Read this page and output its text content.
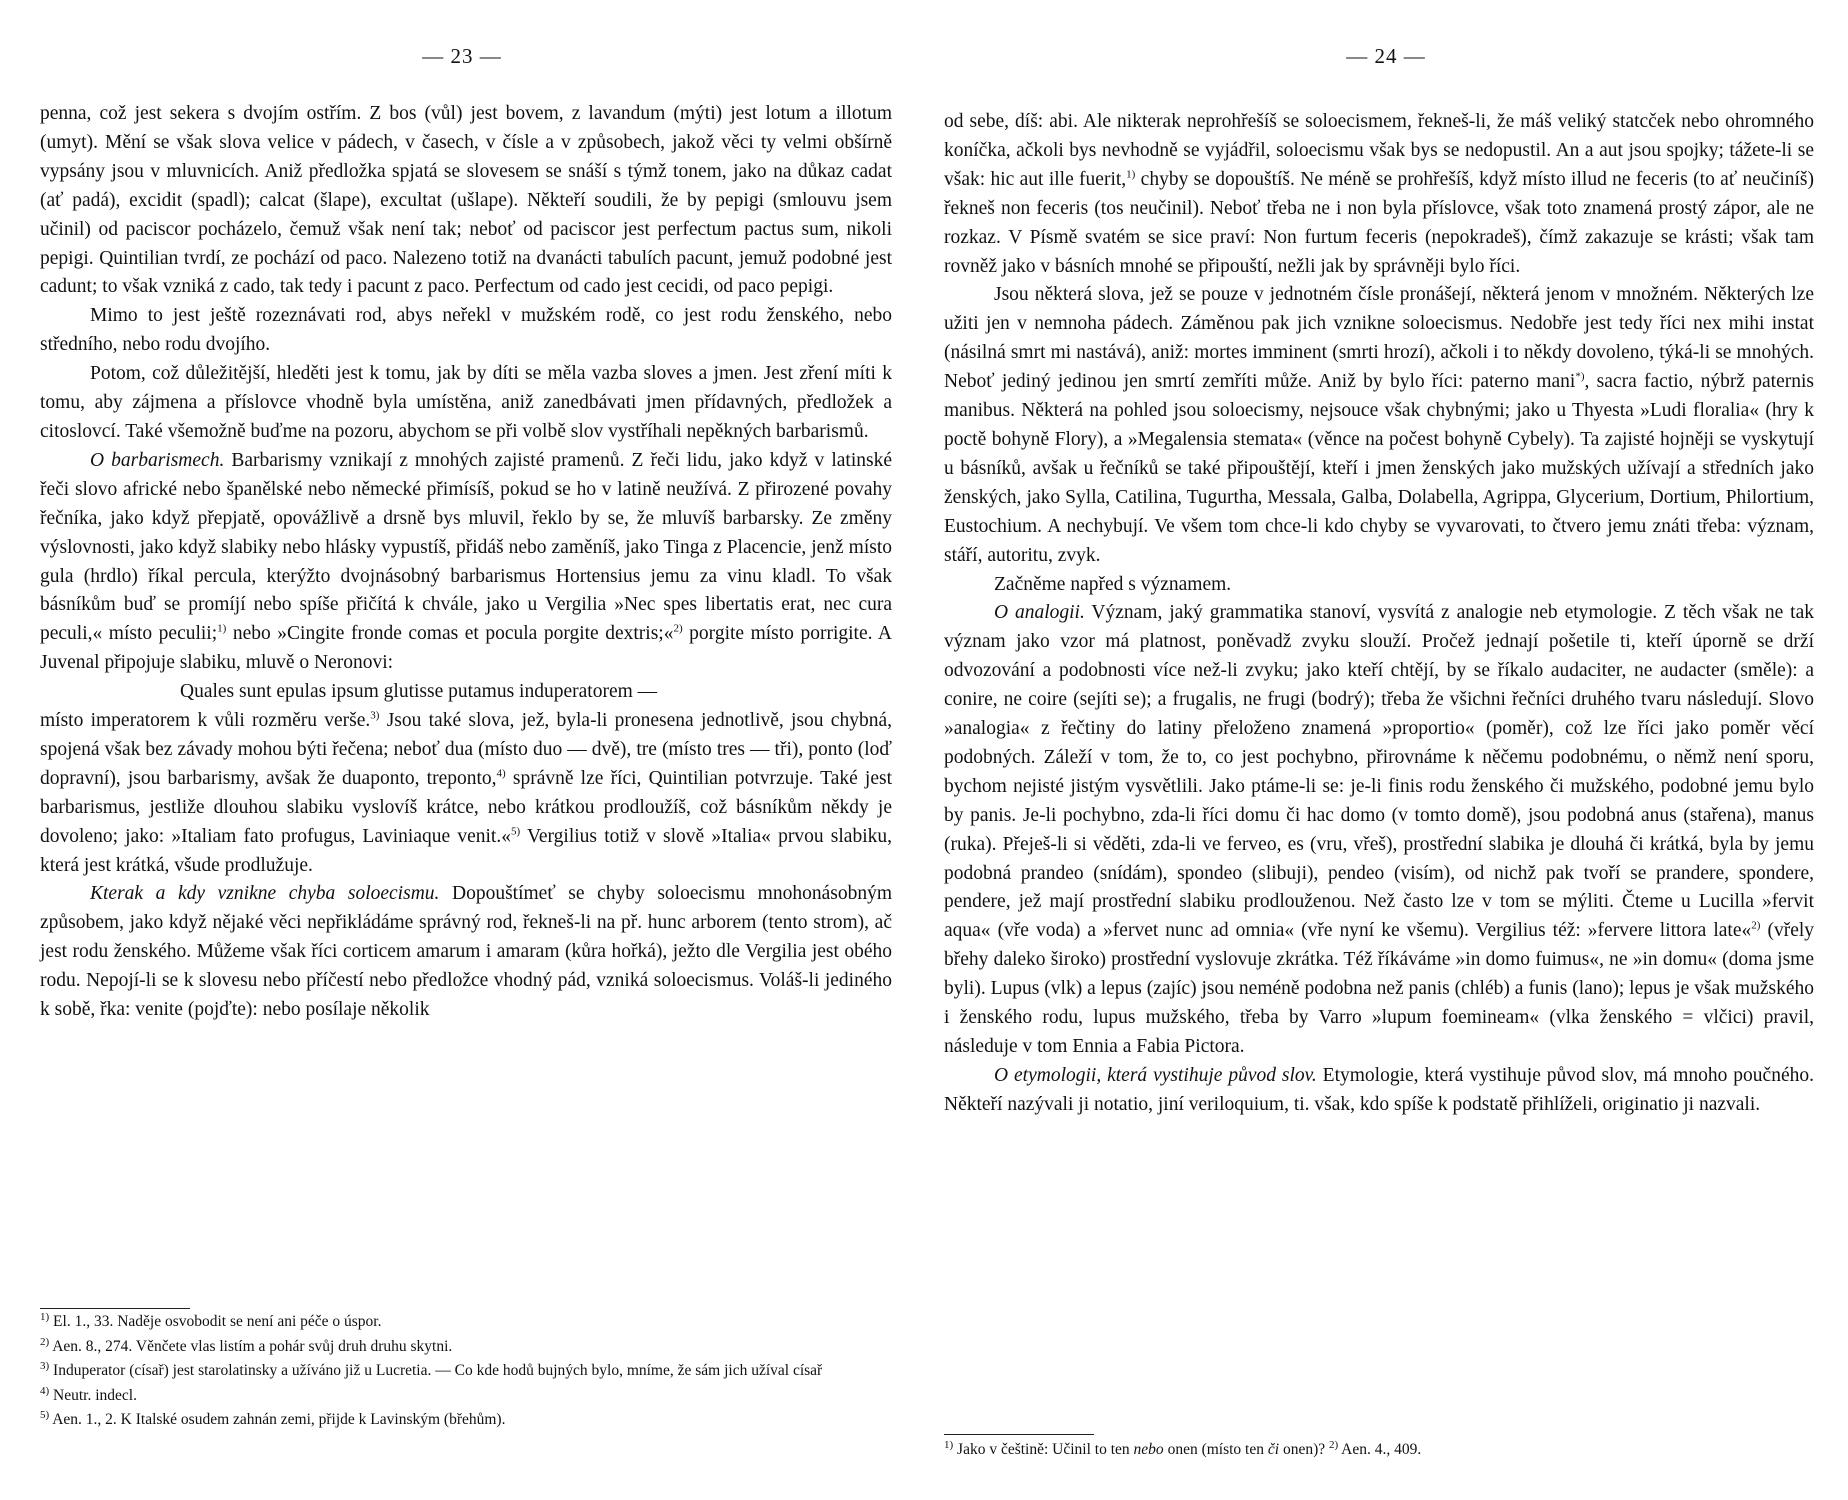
— 23 —

penna, což jest sekera s dvojím ostřím. Z bos (vůl) jest bovem, z lavandum (mýti) jest lotum a illotum (umyt). Mění se však slova velice v pádech, v časech, v čísle a v způsobech, jakož věci ty velmi obšírně vypsány jsou v mluvnicích. Aniž předložka spjatá se slovesem se snáší s týmž tonem, jako na důkaz cadat (ať padá), excidit (spadl); calcat (šlape), excultat (ušlape). Někteří soudili, že by pepigi (smlouvu jsem učinil) od paciscor pocházelo, čemuž však není tak; neboť od paciscor jest perfectum pactus sum, nikoli pepigi. Quintilian tvrdí, ze pochází od paco. Nalezeno totiž na dvanácti tabulích pacunt, jemuž podobné jest cadunt; to však vzniká z cado, tak tedy i pacunt z paco. Perfectum od cado jest cecidi, od paco pepigi.

Mimo to jest ještě rozeznávati rod, abys neřekl v mužském rodě, co jest rodu ženského, nebo středního, nebo rodu dvojího.

Potom, což důležitější, hleděti jest k tomu, jak by díti se měla vazba sloves a jmen. Jest zření míti k tomu, aby zájmena a příslovce vhodně byla umístěna, aniž zanedbávati jmen přídavných, předložek a citoslovcí. Také všemožně buďme na pozoru, abychom se při volbě slov vystříhali nepěkných barbarismů.

O barbarismech. Barbarismy vznikají z mnohých zajisté pramenů. Z řeči lidu, jako když v latinské řeči slovo africké nebo španělské nebo německé přimísíš, pokud se ho v latině neužívá. Z přirozené povahy řečníka, jako když přepjatě, opovážlivě a drsně bys mluvil, řeklo by se, že mluvíš barbarsky. Ze změny výslovnosti, jako když slabiky nebo hlásky vypustíš, přidáš nebo zaměníš, jako Tinga z Placencie, jenž místo gula (hrdlo) říkal percula, kterýžto dvojnásobný barbarismus Hortensius jemu za vinu kladl. To však básníkům buď se promíjí nebo spíše přičítá k chvále, jako u Vergilia »Nec spes libertatis erat, nec cura peculi,« místo peculii;$^{1)}$ nebo »Cingite fronde comas et pocula porgite dextris;«$^{2)}$ porgite místo porrigite. A Juvenal připojuje slabiku, mluvě o Neronovi:

Quales sunt epulas ipsum glutisse putamus induperatorem —

místo imperatorem k vůli rozměru verše.$^{3)}$ Jsou také slova, jež, byla-li pronesena jednotlivě, jsou chybná, spojená však bez závady mohou býti řečena; neboť dua (místo duo — dvě), tre (místo tres — tři), ponto (loď dopravní), jsou barbarismy, avšak že duaponto, treponto,$^{4)}$ správně lze říci, Quintilian potvrzuje. Také jest barbarismus, jestliže dlouhou slabiku vyslovíš krátce, nebo krátkou prodloužíš, což básníkům někdy je dovoleno; jako: »Italiam fato profugus, Laviniaque venit.«$^{5)}$ Vergilius totiž v slově »Italia« prvou slabiku, která jest krátká, všude prodlužuje.

Kterak a kdy vznikne chyba soloecismu. Dopouštímeť se chyby soloecismu mnohonásobným způsobem, jako když nějaké věci nepřikládáme správný rod, řekneš-li na př. hunc arborem (tento strom), ač jest rodu ženského. Můžeme však říci corticem amarum i amaram (kůra hořká), ježto dle Vergilia jest obého rodu. Nepojí-li se k slovesu nebo příčestí nebo předložce vhodný pád, vzniká soloecismus. Voláš-li jediného k sobě, řka: venite (pojďte): nebo posílaje několik

$^{1)}$ El. 1., 33. Naděje osvobodit se není ani péče o úspor.

$^{2)}$ Aen. 8., 274. Věnčete vlas listím a pohár svůj druh druhu skytni.

$^{3)}$ Induperator (císař) jest starolatinsky a užíváno již u Lucretia. — Co kde hodů bujných bylo, mníme, že sám jich užíval císař

$^{4)}$ Neutr. indecl.

$^{5)}$ Aen. 1., 2. K Italské osudem zahnán zemi, přijde k Lavinským (břehům).

— 24 —

od sebe, díš: abi. Ale nikterak neprohřešíš se soloecismem, řekneš-li, že máš veliký statcček nebo ohromného koníčka, ačkoli bys nevhodně se vyjádřil, soloecismu však bys se nedopustil. An a aut jsou spojky; tážete-li se však: hic aut ille fuerit,$^{1)}$ chyby se dopouštíš. Ne méně se prohřešíš, když místo illud ne feceris (to ať neučiníš) řekneš non feceris (tos neučinil). Neboť třeba ne i non byla příslovce, však toto znamená prostý zápor, ale ne rozkaz. V Písmě svatém se sice praví: Non furtum feceris (nepokradeš), čímž zakazuje se krásti; však tam rovněž jako v básních mnohé se připouští, nežli jak by správněji bylo říci.

Jsou některá slova, jež se pouze v jednotném čísle pronášejí, některá jenom v množném. Některých lze užiti jen v nemnoha pádech. Záměnou pak jich vznikne soloecismus. Nedobře jest tedy říci nex mihi instat (násilná smrt mi nastává), aniž: mortes imminent (smrti hrozí), ačkoli i to někdy dovoleno, týká-li se mnohých. Neboť jediný jedinou jen smrtí zemříti může. Aniž by bylo říci: paterno mani*), sacra factio, nýbrž paternis manibus. Některá na pohled jsou soloecismy, nejsouce však chybnými; jako u Thyesta »Ludi floralia« (hry k poctě bohyně Flory), a »Megalensia stemata« (věnce na počest bohyně Cybely). Ta zajisté hojněji se vyskytují u básníků, avšak u řečníků se také připouštějí, kteří i jmen ženských jako mužských užívají a středních jako ženských, jako Sylla, Catilina, Tugurtha, Messala, Galba, Dolabella, Agrippa, Glycerium, Dortium, Philortium, Eustochium. A nechybují. Ve všem tom chce-li kdo chyby se vyvarovati, to čtvero jemu znáti třeba: význam, stáří, autoritu, zvyk.

Začněme napřed s významem.

O analogii. Význam, jaký grammatika stanoví, vysvítá z analogie neb etymologie. Z těch však ne tak význam jako vzor má platnost, poněvadž zvyku slouží. Pročež jednají pošetile ti, kteří úporně se drží odvozování a podobnosti více než-li zvyku; jako kteří chtějí, by se říkalo audaciter, ne audacter (směle): a conire, ne coire (sejíti se); a frugalis, ne frugi (bodrý); třeba že všichni řečníci druhého tvaru následují. Slovo »analogia« z řečtiny do latiny přeloženo znamená »proportio« (poměr), což lze říci jako poměr věcí podobných. Záleží v tom, že to, co jest pochybno, přirovnáme k něčemu podobnému, o němž není sporu, bychom nejisté jistým vysvětlili. Jako ptáme-li se: je-li finis rodu ženského či mužského, podobné jemu bylo by panis. Je-li pochybno, zda-li říci domu či hac domo (v tomto domě), jsou podobná anus (stařena), manus (ruka). Přeješ-li si věděti, zda-li ve ferveo, es (vru, vřeš), prostřední slabika je dlouhá či krátká, byla by jemu podobná prandeo (snídám), spondeo (slibuji), pendeo (visím), od nichž pak tvoří se prandere, spondere, pendere, jež mají prostřední slabiku prodlouženou. Než často lze v tom se mýliti. Čteme u Lucilla »fervit aqua« (vře voda) a »fervet nunc ad omnia« (vře nyní ke všemu). Vergilius též: »fervere littora late«$^{2)}$ (vřely břehy daleko široko) prostřední vyslovuje zkrátka. Též říkáváme »in domo fuimus«, ne »in domu« (doma jsme byli). Lupus (vlk) a lepus (zajíc) jsou neméně podobna než panis (chléb) a funis (lano); lepus je však mužského i ženského rodu, lupus mužského, třeba by Varro »lupum foemineam« (vlka ženského = vlčici) pravil, následuje v tom Ennia a Fabia Pictora.

O etymologii, která vystihuje původ slov. Etymologie, která vystihuje původ slov, má mnoho poučného. Někteří nazývali ji notatio, jiní veriloquium, ti. však, kdo spíše k podstatě přihlíželi, originatio ji nazvali.

$^{1)}$ Jako v češtině: Učinil to ten nebo onen (místo ten či onen)? $^{2)}$ Aen. 4., 409.
